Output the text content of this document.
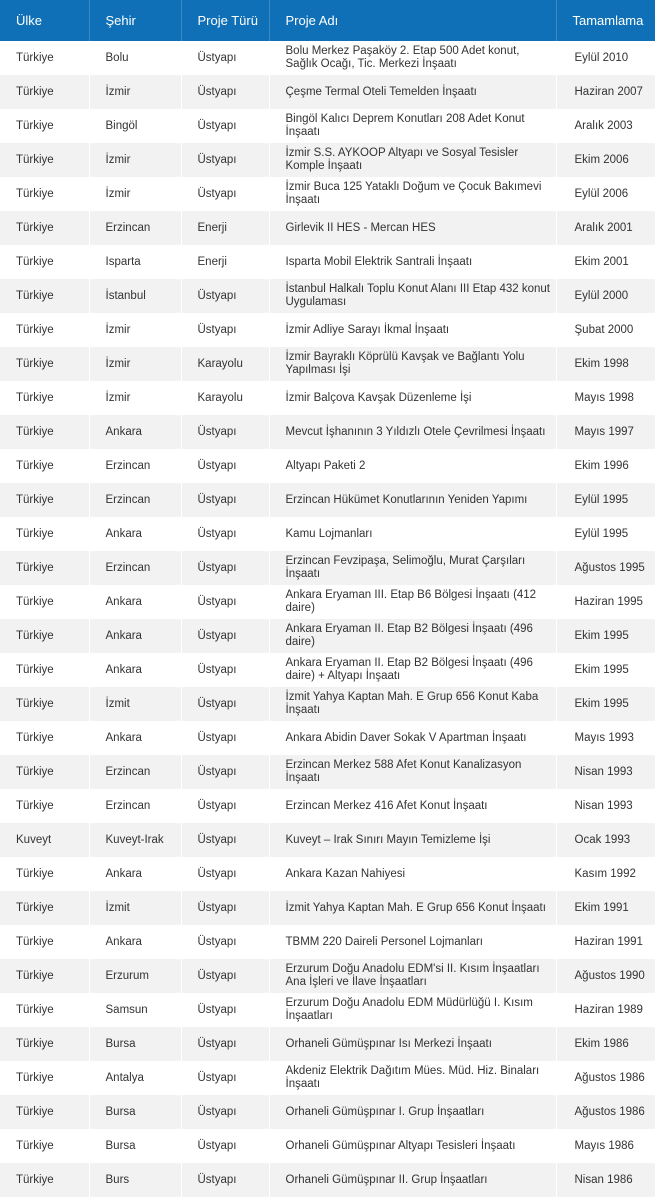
Ülke	Şehir	Proje Türü	Proje Adı	Tamamlama
Türkiye	Bolu	Üstyapı	Bolu Merkez Paşaköy 2. Etap 500 Adet konut, Sağlık Ocağı, Tic. Merkezi İnşaatı	Eylül 2010
Türkiye	İzmir	Üstyapı	Çeşme Termal Oteli Temelden İnşaatı	Haziran 2007
Türkiye	Bingöl	Üstyapı	Bingöl Kalıcı Deprem Konutları 208 Adet Konut İnşaatı	Aralık 2003
Türkiye	İzmir	Üstyapı	İzmir S.S. AYKOOP Altyapı ve Sosyal Tesisler Komple İnşaatı	Ekim 2006
Türkiye	İzmir	Üstyapı	İzmir Buca 125 Yataklı Doğum ve Çocuk Bakımevi İnşaatı	Eylül 2006
Türkiye	Erzincan	Enerji	Girlevik II HES - Mercan HES	Aralık 2001
Türkiye	Isparta	Enerji	Isparta Mobil Elektrik Santrali İnşaatı	Ekim 2001
Türkiye	İstanbul	Üstyapı	İstanbul Halkalı Toplu Konut Alanı III Etap 432 konut Uygulaması	Eylül 2000
Türkiye	İzmir	Üstyapı	İzmir Adliye Sarayı İkmal İnşaatı	Şubat 2000
Türkiye	İzmir	Karayolu	İzmir Bayraklı Köprülü Kavşak ve Bağlantı Yolu Yapılması İşi	Ekim 1998
Türkiye	İzmir	Karayolu	İzmir Balçova Kavşak Düzenleme İşi	Mayıs 1998
Türkiye	Ankara	Üstyapı	Mevcut İşhanının 3 Yıldızlı Otele Çevrilmesi İnşaatı	Mayıs 1997
Türkiye	Erzincan	Üstyapı	Altyapı Paketi 2	Ekim 1996
Türkiye	Erzincan	Üstyapı	Erzincan Hükümet Konutlarının Yeniden Yapımı	Eylül 1995
Türkiye	Ankara	Üstyapı	Kamu Lojmanları	Eylül 1995
Türkiye	Erzincan	Üstyapı	Erzincan Fevzipaşa, Selimoğlu, Murat Çarşıları İnşaatı	Ağustos 1995
Türkiye	Ankara	Üstyapı	Ankara Eryaman III. Etap B6 Bölgesi İnşaatı (412 daire)	Haziran 1995
Türkiye	Ankara	Üstyapı	Ankara Eryaman II. Etap B2 Bölgesi İnşaatı (496 daire)	Ekim 1995
Türkiye	Ankara	Üstyapı	Ankara Eryaman II. Etap B2 Bölgesi İnşaatı (496 daire) + Altyapı İnşaatı	Ekim 1995
Türkiye	İzmit	Üstyapı	İzmit Yahya Kaptan Mah. E Grup 656 Konut Kaba İnşaatı	Ekim 1995
Türkiye	Ankara	Üstyapı	Ankara Abidin Daver Sokak V Apartman İnşaatı	Mayıs 1993
Türkiye	Erzincan	Üstyapı	Erzincan Merkez 588 Afet Konut Kanalizasyon İnşaatı	Nisan 1993
Türkiye	Erzincan	Üstyapı	Erzincan Merkez 416 Afet Konut İnşaatı	Nisan 1993
Kuveyt	Kuveyt-Irak	Üstyapı	Kuveyt – Irak Sınırı Mayın Temizleme İşi	Ocak 1993
Türkiye	Ankara	Üstyapı	Ankara Kazan Nahiyesi	Kasım 1992
Türkiye	İzmit	Üstyapı	İzmit Yahya Kaptan Mah. E Grup 656 Konut İnşaatı	Ekim 1991
Türkiye	Ankara	Üstyapı	TBMM 220 Daireli Personel Lojmanları	Haziran 1991
Türkiye	Erzurum	Üstyapı	Erzurum Doğu Anadolu EDM'si II. Kısım İnşaatları Ana İşleri ve İlave İnşaatları	Ağustos 1990
Türkiye	Samsun	Üstyapı	Erzurum Doğu Anadolu EDM Müdürlüğü I. Kısım İnşaatları	Haziran 1989
Türkiye	Bursa	Üstyapı	Orhaneli Gümüşpınar Isı Merkezi İnşaatı	Ekim 1986
Türkiye	Antalya	Üstyapı	Akdeniz Elektrik Dağıtım Mües. Müd. Hiz. Binaları İnşaatı	Ağustos 1986
Türkiye	Bursa	Üstyapı	Orhaneli Gümüşpınar I. Grup İnşaatları	Ağustos 1986
Türkiye	Bursa	Üstyapı	Orhaneli Gümüşpınar Altyapı Tesisleri İnşaatı	Mayıs 1986
Türkiye	Burs	Üstyapı	Orhaneli Gümüşpınar II. Grup İnşaatları	Nisan 1986
